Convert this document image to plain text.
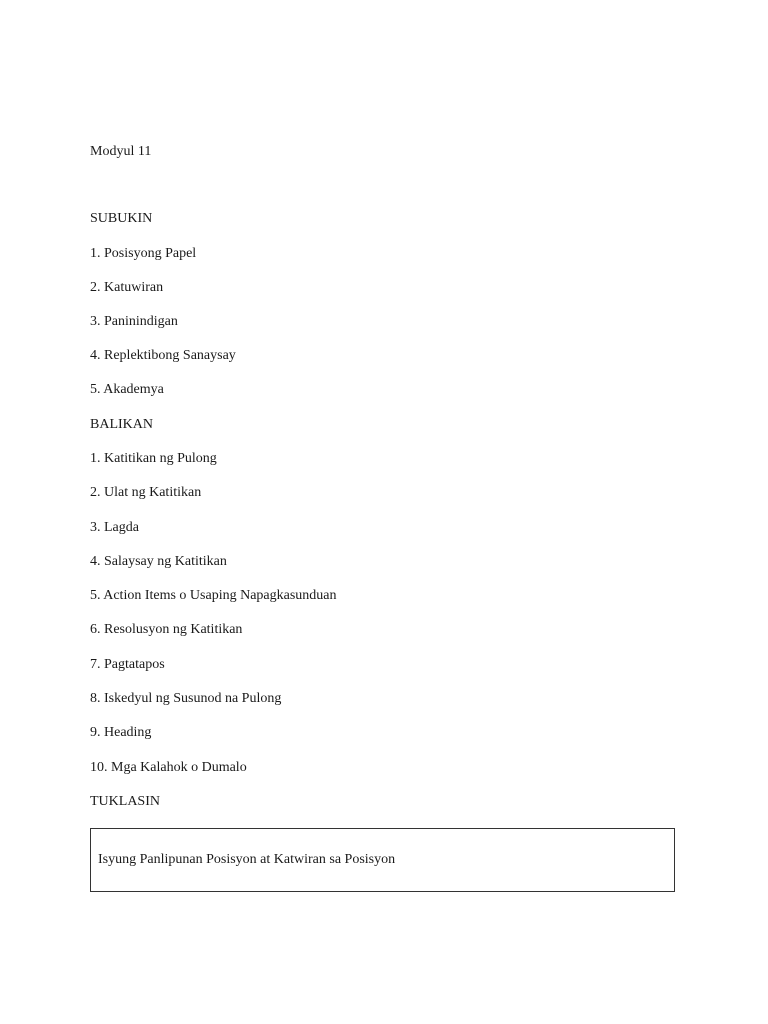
Modyul 11
SUBUKIN
1. Posisyong Papel
2. Katuwiran
3. Paninindigan
4. Replektibong Sanaysay
5. Akademya
BALIKAN
1. Katitikan ng Pulong
2. Ulat ng Katitikan
3. Lagda
4. Salaysay ng Katitikan
5. Action Items o Usaping Napagkasunduan
6. Resolusyon ng Katitikan
7. Pagtatapos
8. Iskedyul ng Susunod na Pulong
9. Heading
10. Mga Kalahok o Dumalo
TUKLASIN
Isyung Panlipunan Posisyon at Katwiran sa Posisyon
